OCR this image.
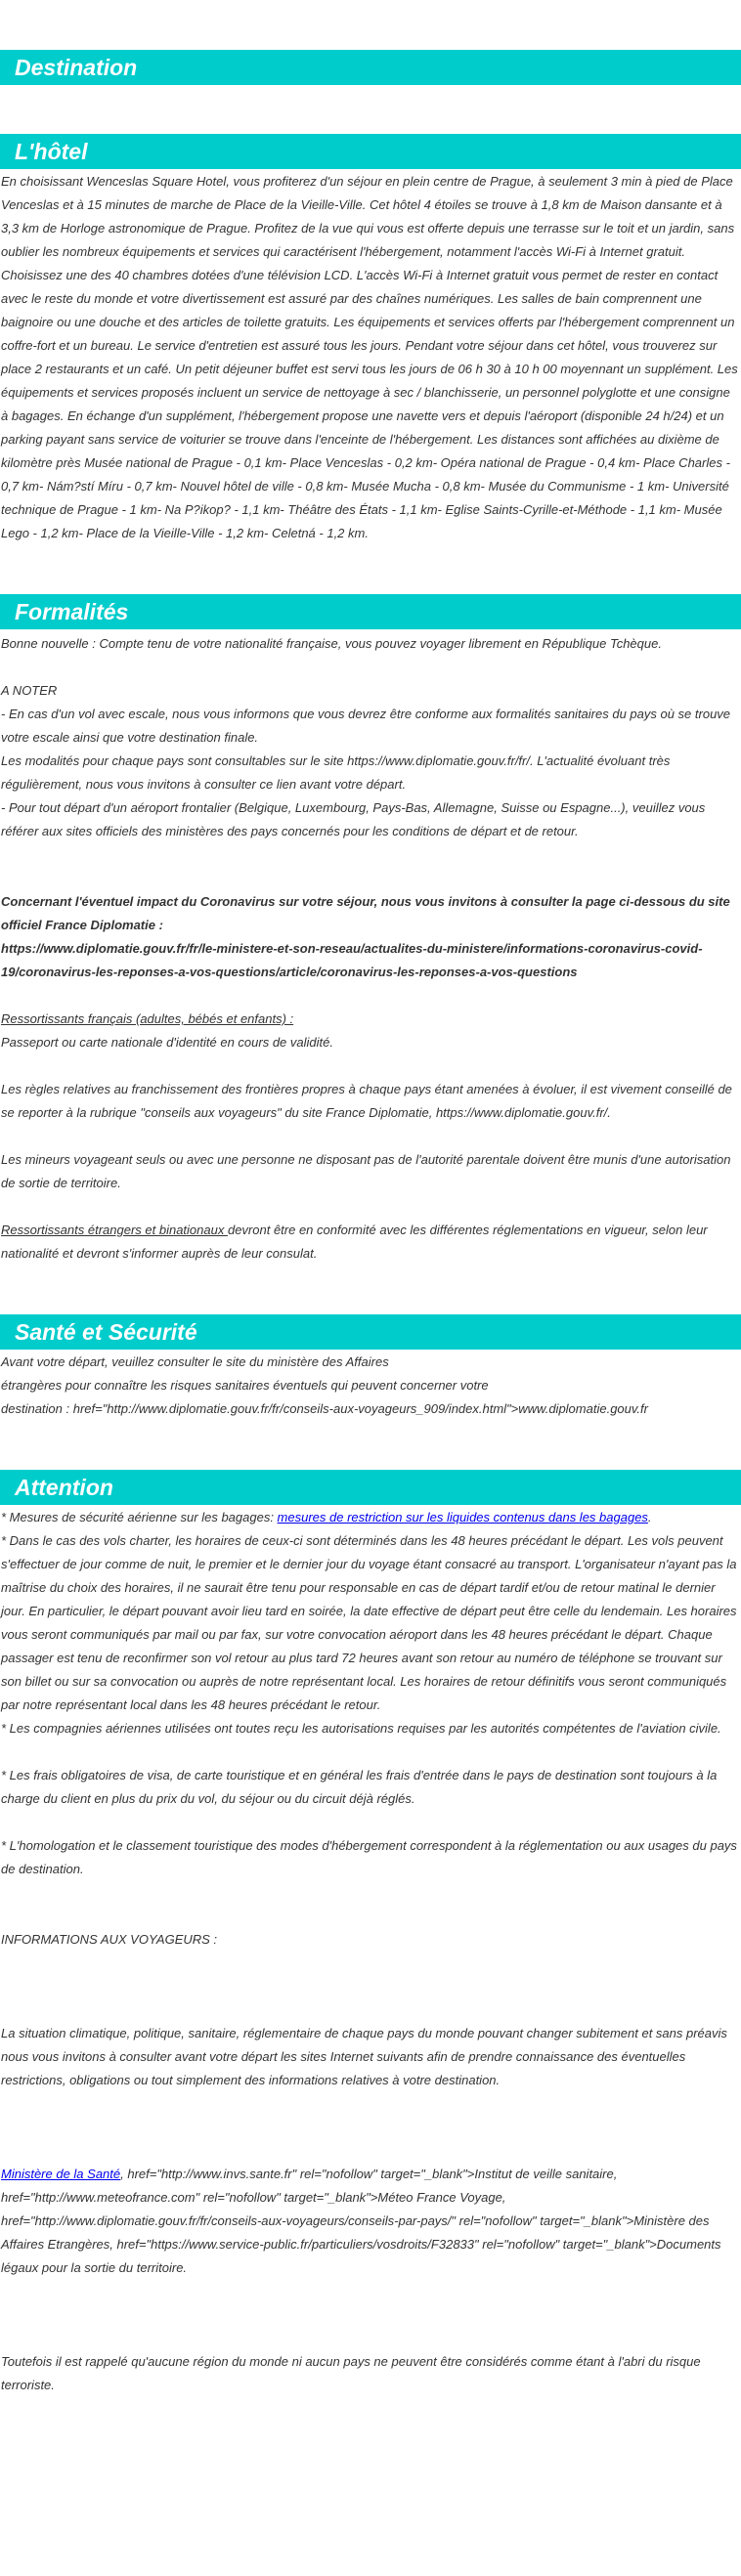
Destination
L'hôtel

En choisissant Wenceslas Square Hotel, vous profiterez d'un séjour en plein centre de Prague, à seulement 3 min à pied de Place Venceslas et à 15 minutes de marche de Place de la Vieille-Ville. Cet hôtel 4 étoiles se trouve à 1,8 km de Maison dansante et à 3,3 km de Horloge astronomique de Prague. Profitez de la vue qui vous est offerte depuis une terrasse sur le toit et un jardin, sans oublier les nombreux équipements et services qui caractérisent l'hébergement, notamment l'accès Wi-Fi à Internet gratuit. Choisissez une des 40 chambres dotées d'une télévision LCD. L'accès Wi-Fi à Internet gratuit vous permet de rester en contact avec le reste du monde et votre divertissement est assuré par des chaînes numériques. Les salles de bain comprennent une baignoire ou une douche et des articles de toilette gratuits. Les équipements et services offerts par l'hébergement comprennent un coffre-fort et un bureau. Le service d'entretien est assuré tous les jours. Pendant votre séjour dans cet hôtel, vous trouverez sur place 2 restaurants et un café. Un petit déjeuner buffet est servi tous les jours de 06 h 30 à 10 h 00 moyennant un supplément. Les équipements et services proposés incluent un service de nettoyage à sec / blanchisserie, un personnel polyglotte et une consigne à bagages. En échange d'un supplément, l'hébergement propose une navette vers et depuis l'aéroport (disponible 24 h/24) et un parking payant sans service de voiturier se trouve dans l'enceinte de l'hébergement. Les distances sont affichées au dixième de kilomètre près Musée national de Prague - 0,1 km- Place Venceslas - 0,2 km- Opéra national de Prague - 0,4 km- Place Charles - 0,7 km- Nám?stí Míru - 0,7 km- Nouvel hôtel de ville - 0,8 km- Musée Mucha - 0,8 km- Musée du Communisme - 1 km- Université technique de Prague - 1 km- Na P?ikop? - 1,1 km- Théâtre des États - 1,1 km- Eglise Saints-Cyrille-et-Méthode - 1,1 km- Musée Lego - 1,2 km- Place de la Vieille-Ville - 1,2 km- Celetná - 1,2 km.

Formalités

Bonne nouvelle : Compte tenu de votre nationalité française, vous pouvez voyager librement en République Tchèque.

A NOTER

- En cas d'un vol avec escale, nous vous informons que vous devrez être conforme aux formalités sanitaires du pays où se trouve votre escale ainsi que votre destination finale.

Les modalités pour chaque pays sont consultables sur le site https://www.diplomatie.gouv.fr/fr/. L'actualité évoluant très régulièrement, nous vous invitons à consulter ce lien avant votre départ.

- Pour tout départ d'un aéroport frontalier (Belgique, Luxembourg, Pays-Bas, Allemagne, Suisse ou Espagne...), veuillez vous référer aux sites officiels des ministères des pays concernés pour les conditions de départ et de retour.

Concernant l'éventuel impact du Coronavirus sur votre séjour, nous vous invitons à consulter la page ci-dessous du site officiel France Diplomatie :
https://www.diplomatie.gouv.fr/fr/le-ministere-et-son-reseau/actualites-du-ministere/informations-coronavirus-covid-19/coronavirus-les-reponses-a-vos-questions/article/coronavirus-les-reponses-a-vos-questions

Ressortissants français (adultes, bébés et enfants) :

Passeport ou carte nationale d'identité en cours de validité.

Les règles relatives au franchissement des frontières propres à chaque pays étant amenées à évoluer, il est vivement conseillé de se reporter à la rubrique "conseils aux voyageurs" du site France Diplomatie, https://www.diplomatie.gouv.fr/.

Les mineurs voyageant seuls ou avec une personne ne disposant pas de l'autorité parentale doivent être munis d'une autorisation de sortie de territoire.

Ressortissants étrangers et binationaux devront être en conformité avec les différentes réglementations en vigueur, selon leur nationalité et devront s'informer auprès de leur consulat.

Santé et Sécurité

Avant votre départ, veuillez consulter le site du ministère des Affaires

étrangères pour connaître les risques sanitaires éventuels qui peuvent concerner votre

destination : href="http://www.diplomatie.gouv.fr/fr/conseils-aux-voyageurs_909/index.html">www.diplomatie.gouv.fr

Attention

* Mesures de sécurité aérienne sur les bagages: mesures de restriction sur les liquides contenus dans les bagages.

* Dans le cas des vols charter, les horaires de ceux-ci sont déterminés dans les 48 heures précédant le départ. Les vols peuvent s'effectuer de jour comme de nuit, le premier et le dernier jour du voyage étant consacré au transport. L'organisateur n'ayant pas la maîtrise du choix des horaires, il ne saurait être tenu pour responsable en cas de départ tardif et/ou de retour matinal le dernier jour. En particulier, le départ pouvant avoir lieu tard en soirée, la date effective de départ peut être celle du lendemain. Les horaires vous seront communiqués par mail ou par fax, sur votre convocation aéroport dans les 48 heures précédant le départ. Chaque passager est tenu de reconfirmer son vol retour au plus tard 72 heures avant son retour au numéro de téléphone se trouvant sur son billet ou sur sa convocation ou auprès de notre représentant local. Les horaires de retour définitifs vous seront communiqués par notre représentant local dans les 48 heures précédant le retour.

* Les compagnies aériennes utilisées ont toutes reçu les autorisations requises par les autorités compétentes de l'aviation civile.

* Les frais obligatoires de visa, de carte touristique et en général les frais d'entrée dans le pays de destination sont toujours à la charge du client en plus du prix du vol, du séjour ou du circuit déjà réglés.

* L'homologation et le classement touristique des modes d'hébergement correspondent à la réglementation ou aux usages du pays de destination.

INFORMATIONS AUX VOYAGEURS :

La situation climatique, politique, sanitaire, réglementaire de chaque pays du monde pouvant changer subitement et sans préavis

nous vous invitons à consulter avant votre départ les sites Internet suivants afin de prendre connaissance des éventuelles restrictions, obligations ou tout simplement des informations relatives à votre destination.

Ministère de la Santé, href="http://www.invs.sante.fr" rel="nofollow" target="_blank">Institut de veille sanitaire, href="http://www.meteofrance.com" rel="nofollow" target="_blank">Méteo France Voyage, href="http://www.diplomatie.gouv.fr/fr/conseils-aux-voyageurs/conseils-par-pays/" rel="nofollow" target="_blank">Ministère des Affaires Etrangères, href="https://www.service-public.fr/particuliers/vosdroits/F32833" rel="nofollow" target="_blank">Documents légaux pour la sortie du territoire.

Toutefois il est rappelé qu'aucune région du monde ni aucun pays ne peuvent être considérés comme étant à l'abri du risque terroriste.
